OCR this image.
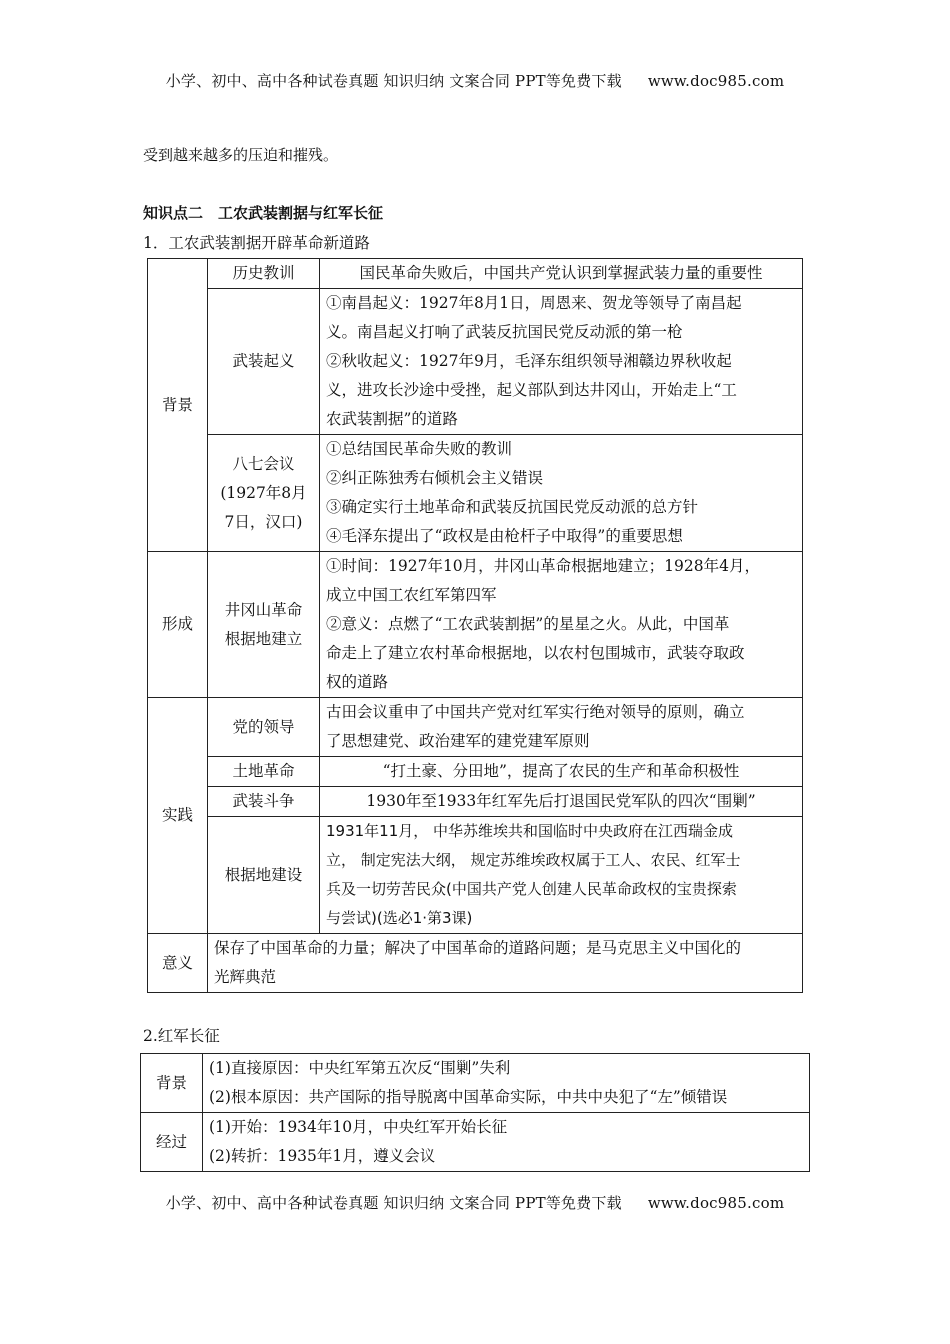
小学、初中、高中各种试卷真题 知识归纳 文案合同 PPT等免费下载 www.doc985.com
受到越来越多的压迫和摧残。
知识点二　工农武装割据与红军长征
1．工农武装割据开辟革命新道路
背景	历史教训	国民革命失败后，中国共产党认识到掌握武装力量的重要性
	武装起义	①南昌起义：1927年8月1日，周恩来、贺龙等领导了南昌起
义。南昌起义打响了武装反抗国民党反动派的第一枪
②秋收起义：1927年9月，毛泽东组织领导湘赣边界秋收起
义，进攻长沙途中受挫，起义部队到达井冈山，开始走上“工
农武装割据”的道路

	八七会议
(1927年8月
7日，汉口)	①总结国民革命失败的教训
②纠正陈独秀右倾机会主义错误
③确定实行土地革命和武装反抗国民党反动派的总方针
④毛泽东提出了“政权是由枪杆子中取得”的重要思想

形成	井冈山革命
根据地建立	①时间：1927年10月，井冈山革命根据地建立；1928年4月，
成立中国工农红军第四军
②意义：点燃了“工农武装割据”的星星之火。从此，中国革
命走上了建立农村革命根据地，以农村包围城市，武装夺取政
权的道路

实践	党的领导	古田会议重申了中国共产党对红军实行绝对领导的原则，确立
了思想建党、政治建军的建党建军原则

	土地革命	“打土豪、分田地”，提高了农民的生产和革命积极性
	武装斗争	1930年至1933年红军先后打退国民党军队的四次“围剿”
	根据地建设	1931年11月， 中华苏维埃共和国临时中央政府在江西瑞金成
立， 制定宪法大纲， 规定苏维埃政权属于工人、农民、红军士
兵及一切劳苦民众(中国共产党人创建人民革命政权的宝贵探索
与尝试)(选必1·第3课)

意义	保存了中国革命的力量；解决了中国革命的道路问题；是马克思主义中国化的
光辉典范	
2.红军长征
背景	(1)直接原因：中央红军第五次反“围剿”失利
(2)根本原因：共产国际的指导脱离中国革命实际，中共中央犯了“左”倾错误

经过	(1)开始：1934年10月，中央红军开始长征
(2)转折：1935年1月，遵义会议
小学、初中、高中各种试卷真题 知识归纳 文案合同 PPT等免费下载 www.doc985.com
